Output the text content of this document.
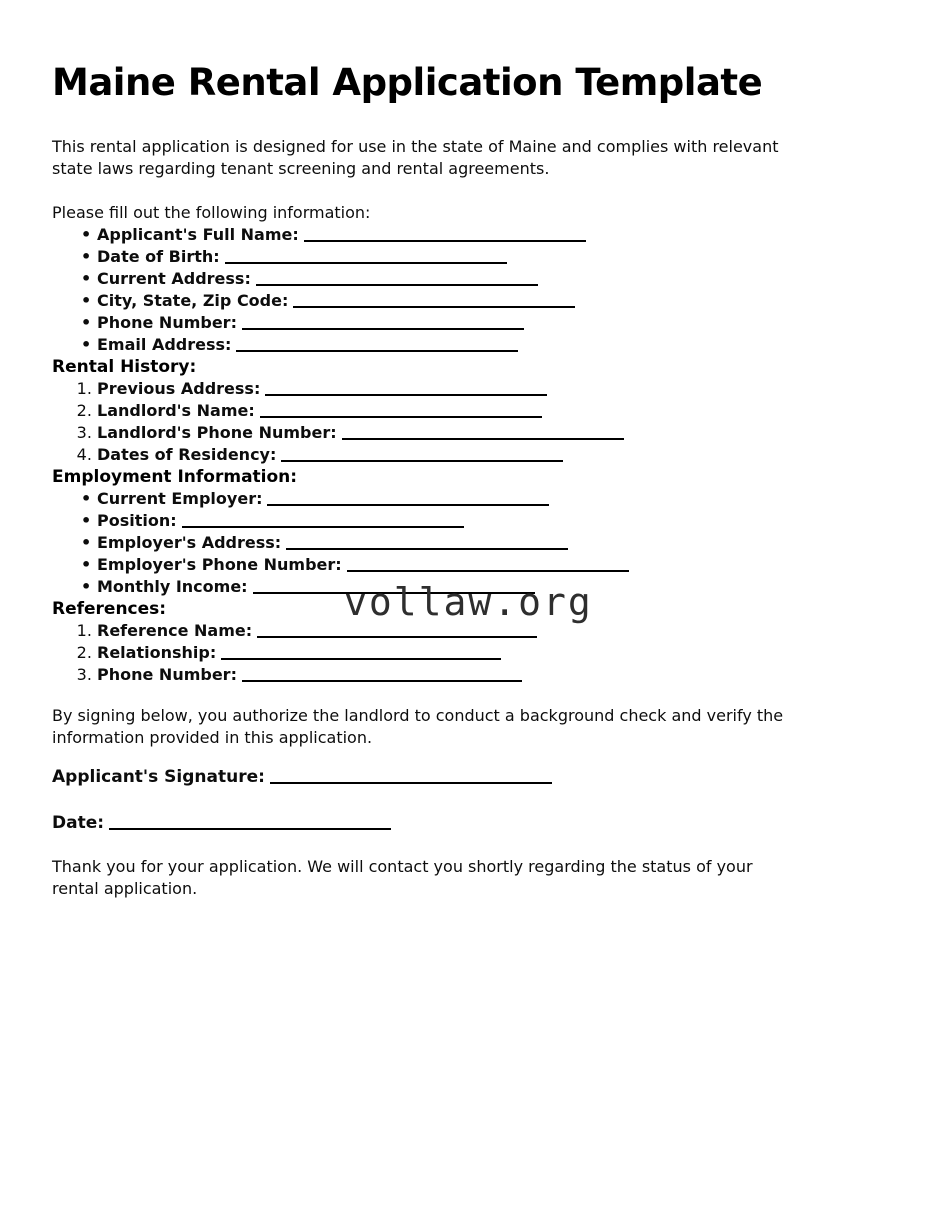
Maine Rental Application Template
This rental application is designed for use in the state of Maine and complies with relevant
state laws regarding tenant screening and rental agreements.
Please fill out the following information:
• Applicant's Full Name:
• Date of Birth:
• Current Address:
• City, State, Zip Code:
• Phone Number:
• Email Address:
Rental History:
1. Previous Address:
2. Landlord's Name:
3. Landlord's Phone Number:
4. Dates of Residency:
Employment Information:
• Current Employer:
• Position:
• Employer's Address:
• Employer's Phone Number:
• Monthly Income:
References:
1. Reference Name:
2. Relationship:
3. Phone Number:
By signing below, you authorize the landlord to conduct a background check and verify the
information provided in this application.
Applicant's Signature:
Date:
Thank you for your application. We will contact you shortly regarding the status of your
rental application.
vollaw.org
